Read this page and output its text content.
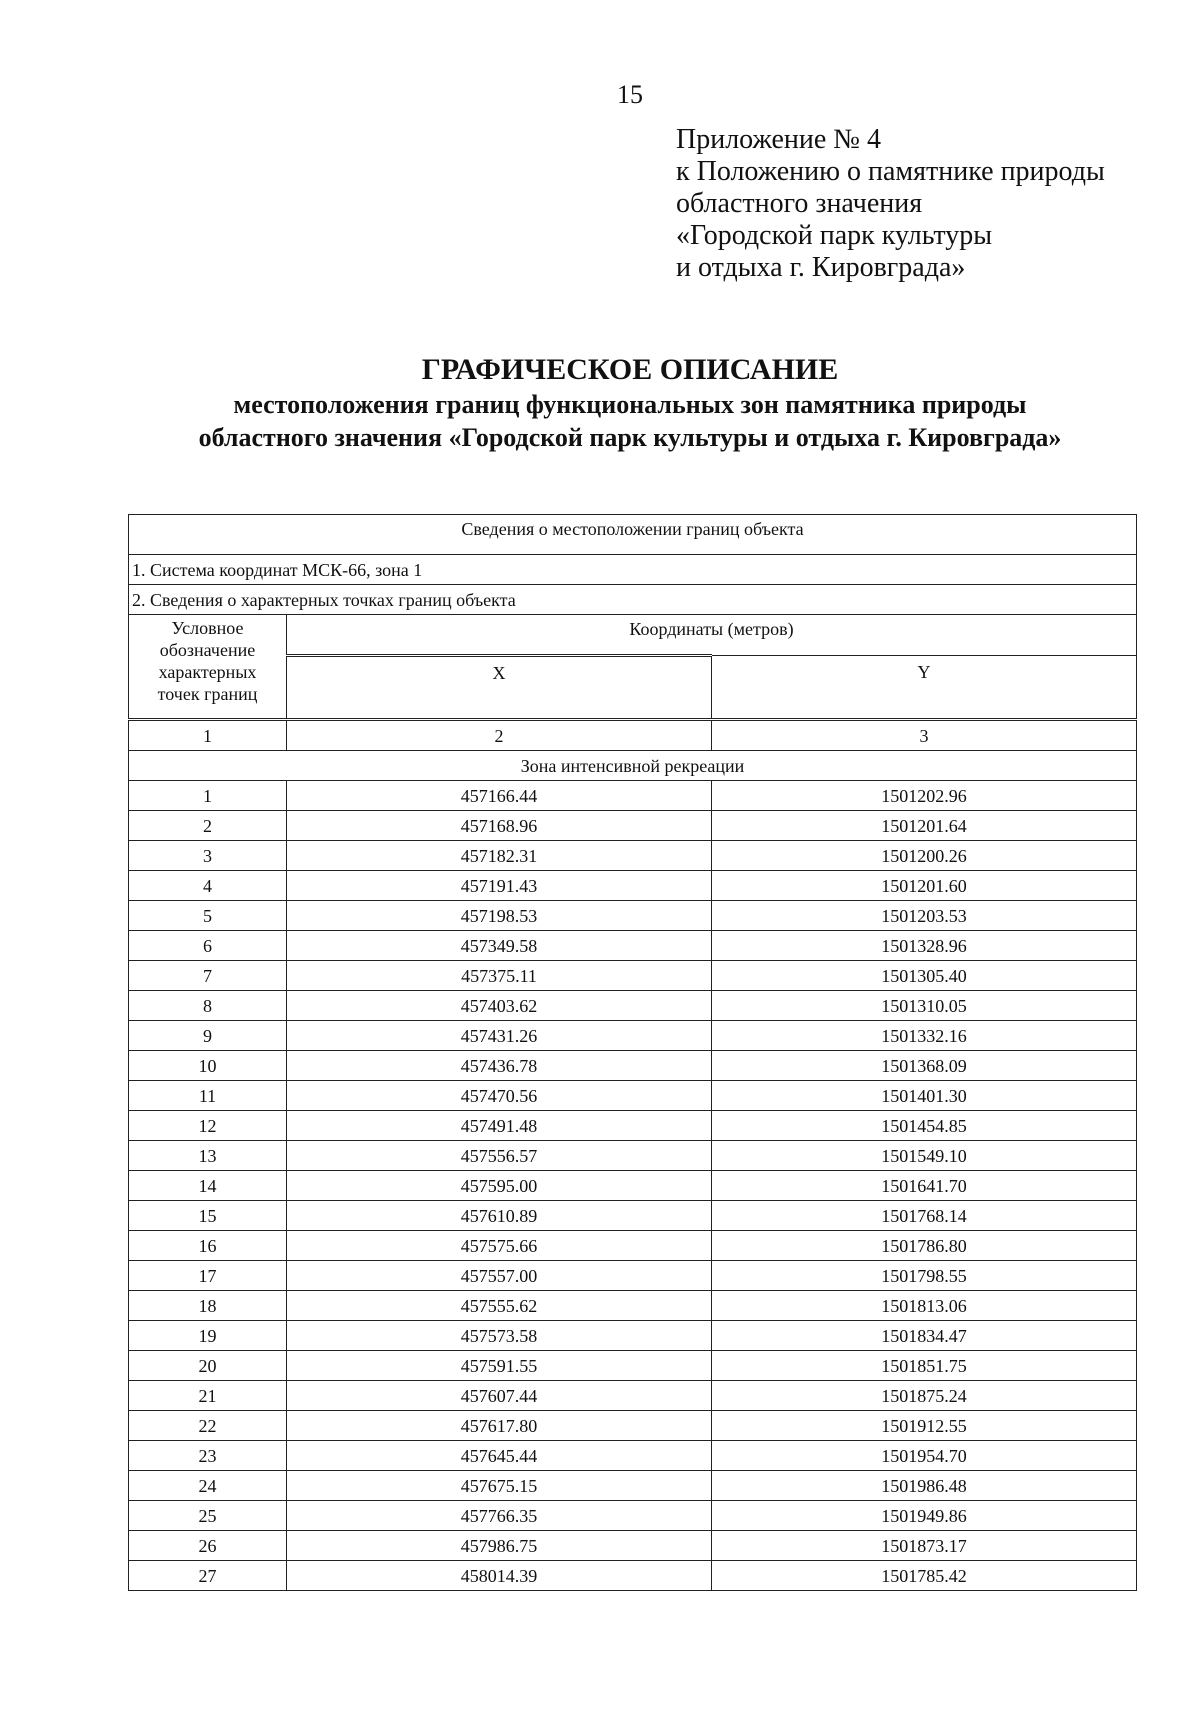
15
Приложение № 4
к Положению о памятнике природы
областного значения
«Городской парк культуры
и отдыха г. Кировграда»
ГРАФИЧЕСКОЕ ОПИСАНИЕ
местоположения границ функциональных зон памятника природы
областного значения «Городской парк культуры и отдыха г. Кировграда»
Сведения о местоположении границ объекта		
1. Система координат МСК-66, зона 1		
2. Сведения о характерных точках границ объекта		

Условное
обозначение
характерных
точек границ	Координаты (метров)	
	X	Y
1	2	3
Зона интенсивной рекреации		
1	457166.44	1501202.96
2	457168.96	1501201.64
3	457182.31	1501200.26
4	457191.43	1501201.60
5	457198.53	1501203.53
6	457349.58	1501328.96
7	457375.11	1501305.40
8	457403.62	1501310.05
9	457431.26	1501332.16
10	457436.78	1501368.09
11	457470.56	1501401.30
12	457491.48	1501454.85
13	457556.57	1501549.10
14	457595.00	1501641.70
15	457610.89	1501768.14
16	457575.66	1501786.80
17	457557.00	1501798.55
18	457555.62	1501813.06
19	457573.58	1501834.47
20	457591.55	1501851.75
21	457607.44	1501875.24
22	457617.80	1501912.55
23	457645.44	1501954.70
24	457675.15	1501986.48
25	457766.35	1501949.86
26	457986.75	1501873.17
27	458014.39	1501785.42
